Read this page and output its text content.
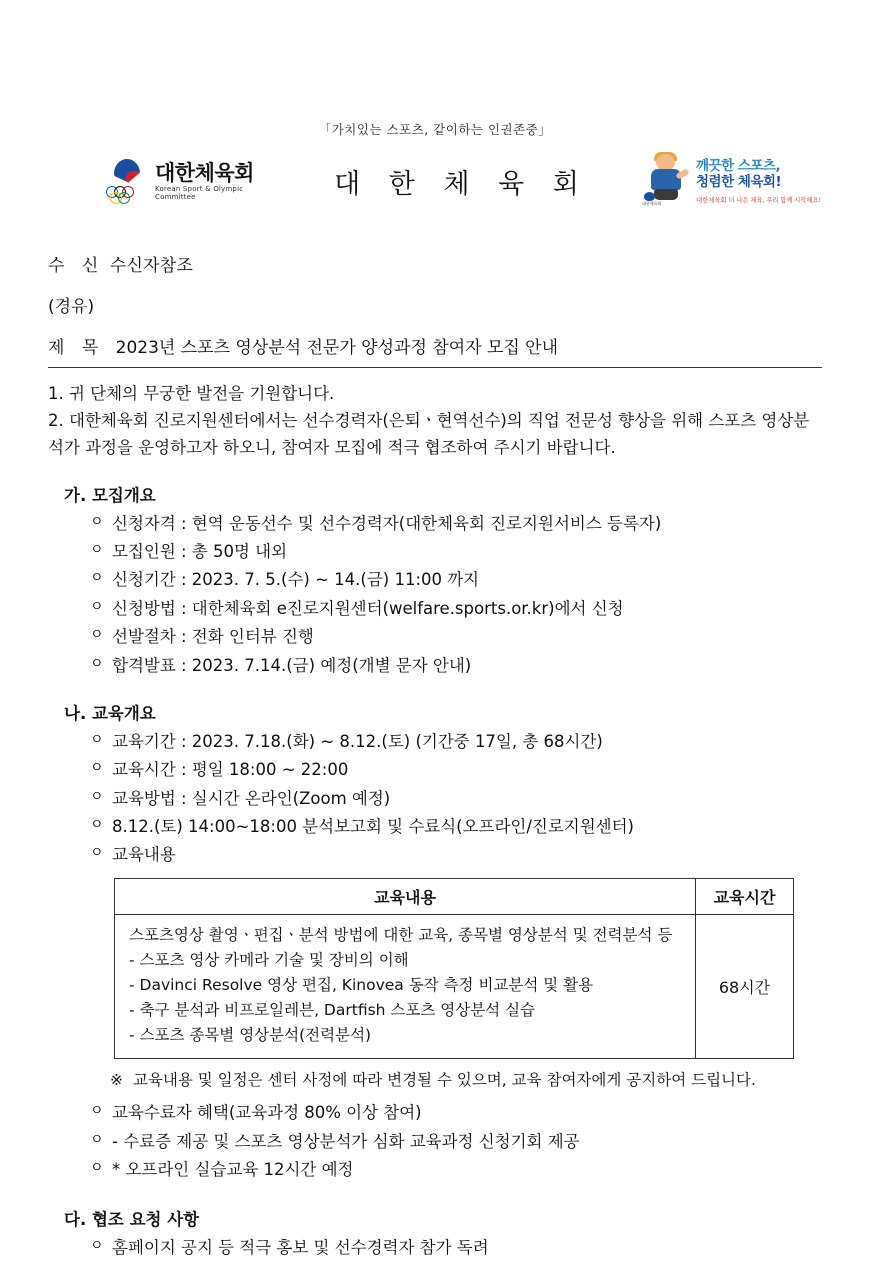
「가치있는 스포츠, 같이하는 인권존중」
대한체육회
Korean Sport & Olympic Committee	대 한 체 육 회
대한체육회
깨끗한 스포츠,
청렴한 체육회!
대한체육회 더 나은 체육, 우리 함께 시작해요!
수 신 수신자참조
(경유)
제 목 2023년 스포츠 영상분석 전문가 양성과정 참여자 모집 안내

1. 귀 단체의 무궁한 발전을 기원합니다.

2. 대한체육회 진로지원센터에서는 선수경력자(은퇴ㆍ현역선수)의 직업 전문성 향상을 위해 스포츠 영상분석가 과정을 운영하고자 하오니, 참여자 모집에 적극 협조하여 주시기 바랍니다.

가. 모집개요
ㅇ 신청자격 : 현역 운동선수 및 선수경력자(대한체육회 진로지원서비스 등록자)
ㅇ 모집인원 : 총 50명 내외
ㅇ 신청기간 : 2023. 7. 5.(수) ~ 14.(금) 11:00 까지
ㅇ 신청방법 : 대한체육회 e진로지원센터(welfare.sports.or.kr)에서 신청
ㅇ 선발절차 : 전화 인터뷰 진행
ㅇ 합격발표 : 2023. 7.14.(금) 예정(개별 문자 안내)
나. 교육개요
ㅇ 교육기간 : 2023. 7.18.(화) ~ 8.12.(토) (기간중 17일, 총 68시간)
ㅇ 교육시간 : 평일 18:00 ~ 22:00
ㅇ 교육방법 : 실시간 온라인(Zoom 예정)
ㅇ 8.12.(토) 14:00~18:00 분석보고회 및 수료식(오프라인/진로지원센터)
ㅇ 교육내용
교육내용	교육시간

스포츠영상 촬영ㆍ편집ㆍ분석 방법에 대한 교육, 종목별 영상분석 및 전력분석 등
- 스포츠 영상 카메라 기술 및 장비의 이해
- Davinci Resolve 영상 편집, Kinovea 동작 측정 비교분석 및 활용
- 축구 분석과 비프로일레븐, Dartfish 스포츠 영상분석 실습
- 스포츠 종목별 영상분석(전력분석)	68시간
※ 교육내용 및 일정은 센터 사정에 따라 변경될 수 있으며, 교육 참여자에게 공지하여 드립니다.
ㅇ 교육수료자 혜택(교육과정 80% 이상 참여)
ㅇ - 수료증 제공 및 스포츠 영상분석가 심화 교육과정 신청기회 제공
ㅇ * 오프라인 실습교육 12시간 예정
다. 협조 요청 사항
ㅇ 홈페이지 공지 등 적극 홍보 및 선수경력자 참가 독려
